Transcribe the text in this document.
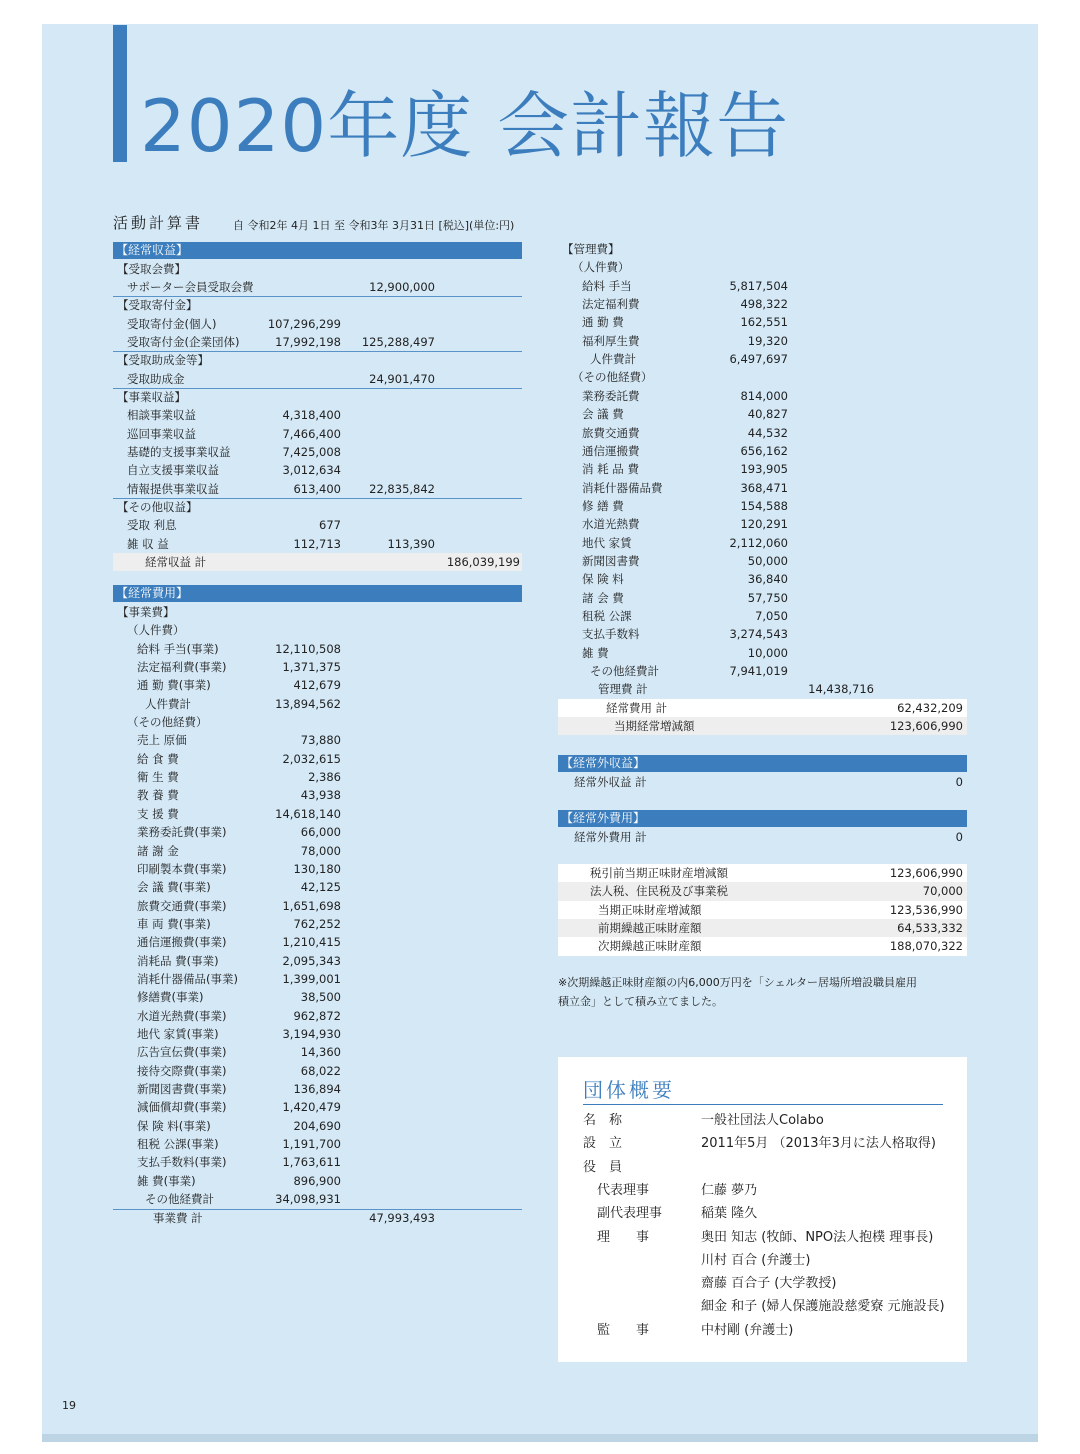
2020年度 会計報告
活動計算書	自 令和2年 4月 1日 至 令和3年 3月31日 [税込](単位:円)
【経常収益】
【受取会費】
サポーター会員受取会費	12,900,000
【受取寄付金】
受取寄付金(個人)	107,296,299
受取寄付金(企業団体)	17,992,198 125,288,497
【受取助成金等】
受取助成金	24,901,470
【事業収益】
相談事業収益	4,318,400
巡回事業収益	7,466,400
基礎的支援事業収益	7,425,008
自立支援事業収益	3,012,634
情報提供事業収益	613,400 22,835,842
【その他収益】
受取 利息	677
雑 収 益	112,713	113,390
経常収益 計	186,039,199
【経常費用】
【事業費】
（人件費）
給料 手当(事業)	12,110,508
法定福利費(事業)	1,371,375
通 勤 費(事業)	412,679
人件費計	13,894,562
（その他経費）
売上 原価	73,880
給 食 費	2,032,615
衛 生 費	2,386
教 養 費	43,938
支 援 費	14,618,140
業務委託費(事業)	66,000
諸 謝 金	78,000
印刷製本費(事業)	130,180
会 議 費(事業)	42,125
旅費交通費(事業)	1,651,698
車 両 費(事業)	762,252
通信運搬費(事業)	1,210,415
消耗品 費(事業)	2,095,343
消耗什器備品(事業)	1,399,001
修繕費(事業)	38,500
水道光熱費(事業)	962,872
地代 家賃(事業)	3,194,930
広告宣伝費(事業)	14,360
接待交際費(事業)	68,022
新聞図書費(事業)	136,894
減価償却費(事業)	1,420,479
保 険 料(事業)	204,690
租税 公課(事業)	1,191,700
支払手数料(事業)	1,763,611
雑 費(事業)	896,900
その他経費計	34,098,931
事業費 計	47,993,493
【管理費】
（人件費）
給料 手当	5,817,504
法定福利費	498,322
通 勤 費	162,551
福利厚生費	19,320
人件費計	6,497,697
（その他経費）
業務委託費	814,000
会 議 費	40,827
旅費交通費	44,532
通信運搬費	656,162
消 耗 品 費	193,905
消耗什器備品費	368,471
修 繕 費	154,588
水道光熱費	120,291
地代 家賃	2,112,060
新聞図書費	50,000
保 険 料	36,840
諸 会 費	57,750
租税 公課	7,050
支払手数料	3,274,543
雑 費	10,000
その他経費計	7,941,019
管理費 計	14,438,716
経常費用 計	62,432,209
当期経常増減額	123,606,990
【経常外収益】
経常外収益 計	0
【経常外費用】
経常外費用 計	0
税引前当期正味財産増減額	123,606,990
法人税、住民税及び事業税	70,000
当期正味財産増減額	123,536,990
前期繰越正味財産額	64,533,332
次期繰越正味財産額	188,070,322
※次期繰越正味財産額の内6,000万円を「シェルター居場所増設職員雇用
積立金」として積み立てました。
団体概要
名　称	一般社団法人Colabo
設　立	2011年5月 （2013年3月に法人格取得)
役　員
代表理事	仁藤 夢乃
副代表理事	稲葉 隆久
理　　事	奥田 知志 (牧師、NPO法人抱樸 理事長)
川村 百合 (弁護士)
齋藤 百合子 (大学教授)
細金 和子 (婦人保護施設慈愛寮 元施設長)
監　　事	中村剛 (弁護士)
19
